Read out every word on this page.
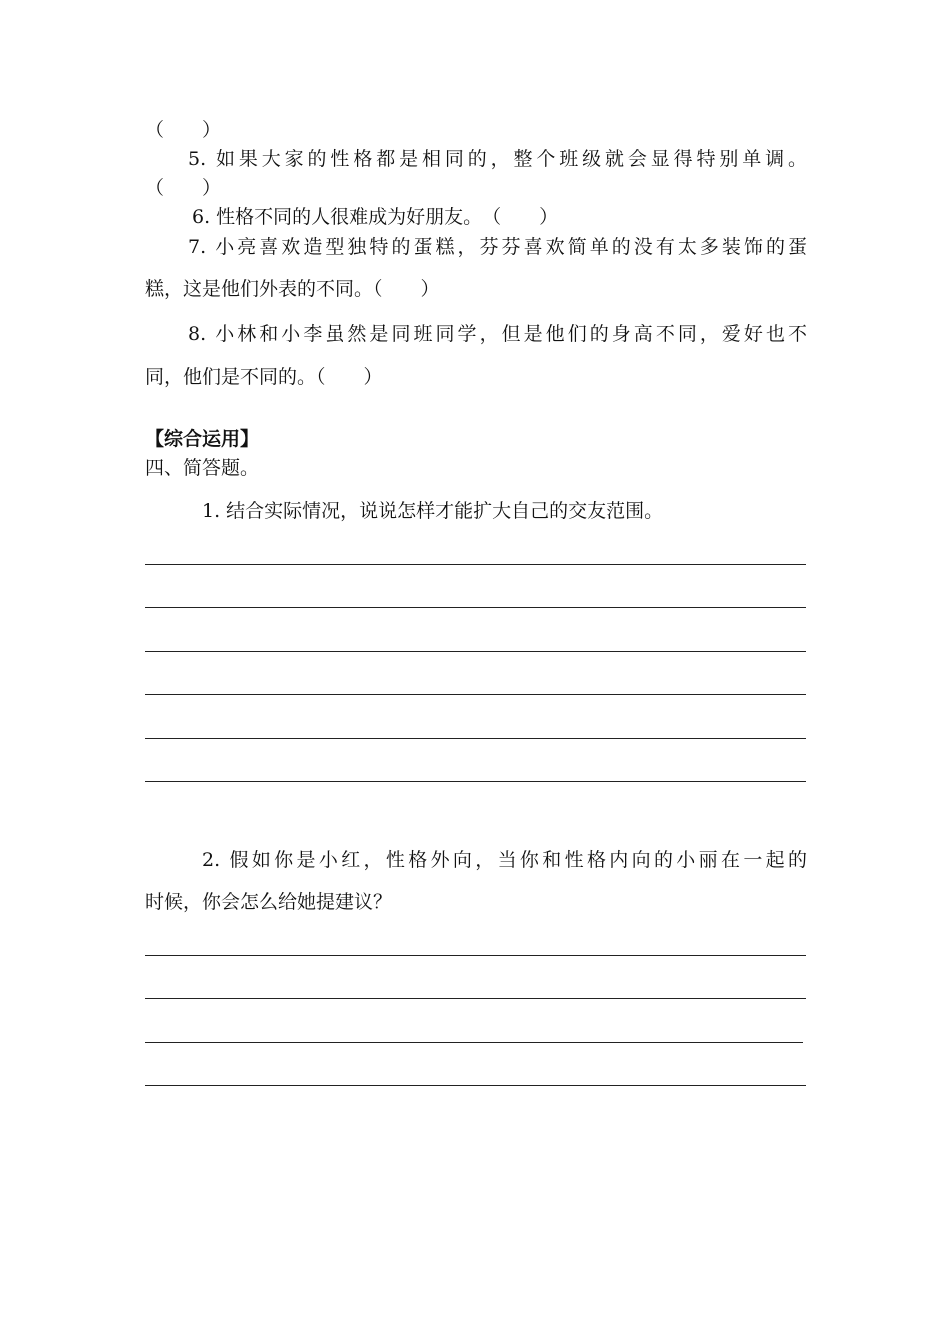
（　　）
5. 如果大家的性格都是相同的，整个班级就会显得特别单调。
（　　）
6. 性格不同的人很难成为好朋友。　（　　）
7. 小亮喜欢造型独特的蛋糕，芬芬喜欢简单的没有太多装饰的蛋
糕，这是他们外表的不同。（　　）
8. 小林和小李虽然是同班同学，但是他们的身高不同，爱好也不
同，他们是不同的。（　　）
【综合运用】
四、简答题。
1. 结合实际情况，说说怎样才能扩大自己的交友范围。
2. 假如你是小红，性格外向，当你和性格内向的小丽在一起的
时候，你会怎么给她提建议？
